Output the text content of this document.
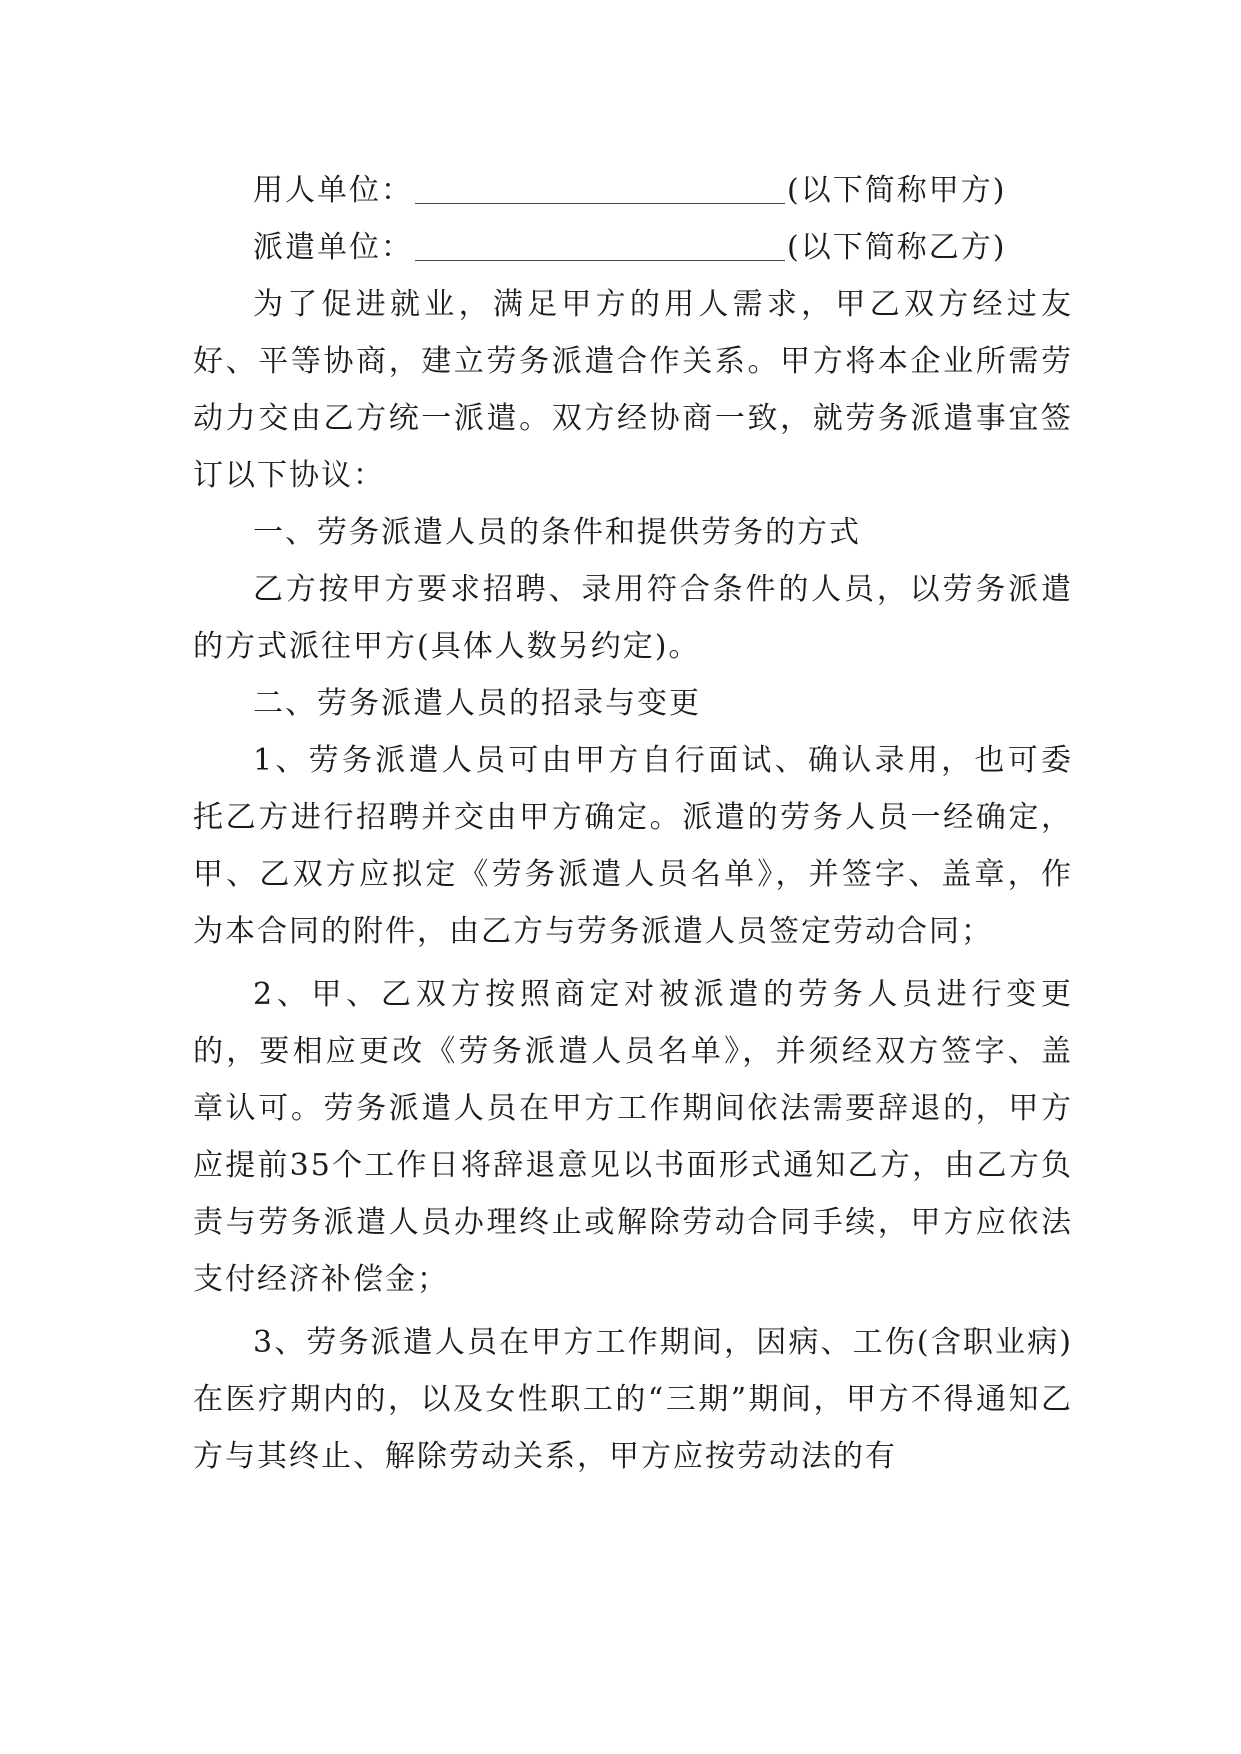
用人单位：	(以下简称甲方)

派遣单位：	(以下简称乙方)

为了促进就业，满足甲方的用人需求，甲乙双方经过友好、平等协商，建立劳务派遣合作关系。甲方将本企业所需劳动力交由乙方统一派遣。双方经协商一致，就劳务派遣事宜签订以下协议：

一、劳务派遣人员的条件和提供劳务的方式

乙方按甲方要求招聘、录用符合条件的人员，以劳务派遣的方式派往甲方(具体人数另约定)。

二、劳务派遣人员的招录与变更

1、劳务派遣人员可由甲方自行面试、确认录用，也可委托乙方进行招聘并交由甲方确定。派遣的劳务人员一经确定，甲、乙双方应拟定《劳务派遣人员名单》，并签字、盖章，作为本合同的附件，由乙方与劳务派遣人员签定劳动合同；

2、甲、乙双方按照商定对被派遣的劳务人员进行变更的，要相应更改《劳务派遣人员名单》，并须经双方签字、盖章认可。劳务派遣人员在甲方工作期间依法需要辞退的，甲方应提前35个工作日将辞退意见以书面形式通知乙方，由乙方负责与劳务派遣人员办理终止或解除劳动合同手续，甲方应依法支付经济补偿金；

3、劳务派遣人员在甲方工作期间，因病、工伤(含职业病)在医疗期内的，以及女性职工的“三期”期间，甲方不得通知乙方与其终止、解除劳动关系，甲方应按劳动法的有
